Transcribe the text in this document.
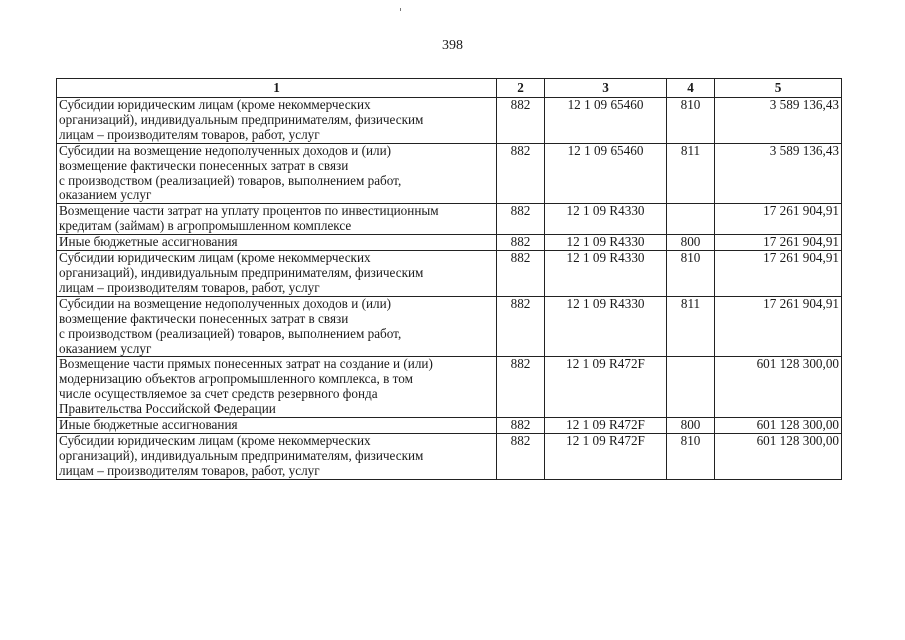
398
1	2	3	4	5
Субсидии юридическим лицам (кроме некоммерческих
организаций), индивидуальным предпринимателям, физическим
лицам – производителям товаров, работ, услуг	882	12 1 09 65460	810	3 589 136,43
Субсидии на возмещение недополученных доходов и (или)
возмещение фактически понесенных затрат в связи
с производством (реализацией) товаров, выполнением работ,
оказанием услуг	882	12 1 09 65460	811	3 589 136,43
Возмещение части затрат на уплату процентов по инвестиционным
кредитам (займам) в агропромышленном комплексе	882	12 1 09 R4330		17 261 904,91
Иные бюджетные ассигнования	882	12 1 09 R4330	800	17 261 904,91
Субсидии юридическим лицам (кроме некоммерческих
организаций), индивидуальным предпринимателям, физическим
лицам – производителям товаров, работ, услуг	882	12 1 09 R4330	810	17 261 904,91
Субсидии на возмещение недополученных доходов и (или)
возмещение фактически понесенных затрат в связи
с производством (реализацией) товаров, выполнением работ,
оказанием услуг	882	12 1 09 R4330	811	17 261 904,91
Возмещение части прямых понесенных затрат на создание и (или)
модернизацию объектов агропромышленного комплекса, в том
числе осуществляемое за счет средств резервного фонда
Правительства Российской Федерации	882	12 1 09 R472F		601 128 300,00
Иные бюджетные ассигнования	882	12 1 09 R472F	800	601 128 300,00
Субсидии юридическим лицам (кроме некоммерческих
организаций), индивидуальным предпринимателям, физическим
лицам – производителям товаров, работ, услуг	882	12 1 09 R472F	810	601 128 300,00
